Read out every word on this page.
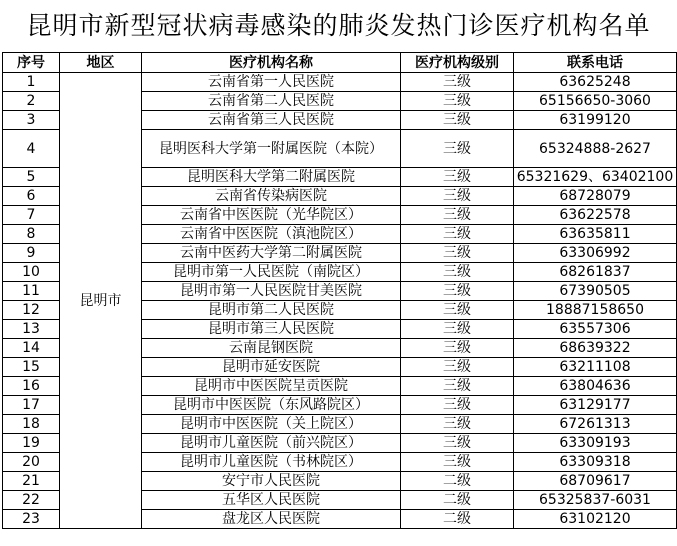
昆明市新型冠状病毒感染的肺炎发热门诊医疗机构名单
序号	地区	医疗机构名称	医疗机构级别	联系电话
1	昆明市	云南省第一人民医院	三级	63625248
2		云南省第二人民医院	三级	65156650-3060
3		云南省第三人民医院	三级	63199120
4		昆明医科大学第一附属医院（本院）	三级	65324888-2627
5		昆明医科大学第二附属医院	三级	65321629、63402100
6		云南省传染病医院	三级	68728079
7		云南省中医医院（光华院区）	三级	63622578
8		云南省中医医院（滇池院区）	三级	63635811
9		云南中医药大学第二附属医院	三级	63306992
10		昆明市第一人民医院（南院区）	三级	68261837
11		昆明市第一人民医院甘美医院	三级	67390505
12		昆明市第二人民医院	三级	18887158650
13		昆明市第三人民医院	三级	63557306
14		云南昆钢医院	三级	68639322
15		昆明市延安医院	三级	63211108
16		昆明市中医医院呈贡医院	三级	63804636
17		昆明市中医医院（东风路院区）	三级	63129177
18		昆明市中医医院（关上院区）	三级	67261313
19		昆明市儿童医院（前兴院区）	三级	63309193
20		昆明市儿童医院（书林院区）	三级	63309318
21		安宁市人民医院	二级	68709617
22		五华区人民医院	二级	65325837-6031
23		盘龙区人民医院	二级	63102120
